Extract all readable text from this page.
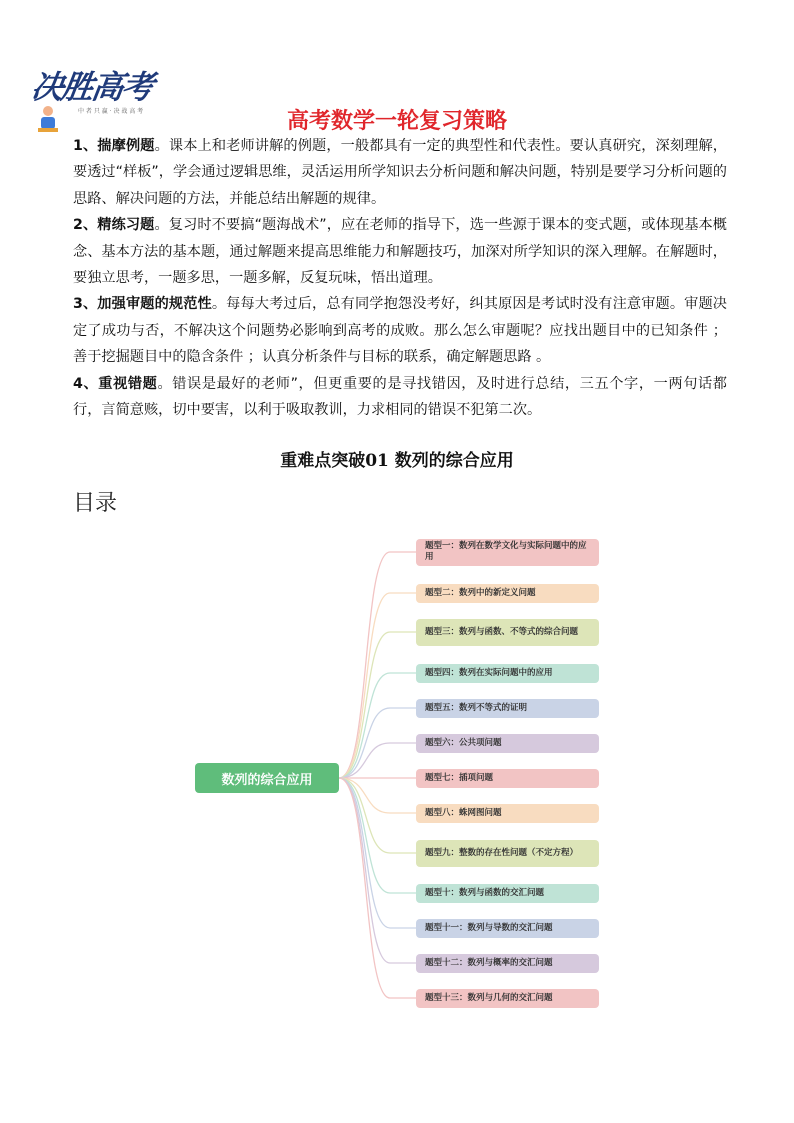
决胜高考
中 者 只 赢 · 决 战 高 考	高考数学一轮复习策略

1、揣摩例题。课本上和老师讲解的例题，一般都具有一定的典型性和代表性。要认真研究，深刻理解，要透过“样板”，学会通过逻辑思维，灵活运用所学知识去分析问题和解决问题，特别是要学习分析问题的思路、解决问题的方法，并能总结出解题的规律。

2、精练习题。复习时不要搞“题海战术”，应在老师的指导下，选一些源于课本的变式题，或体现基本概念、基本方法的基本题，通过解题来提高思维能力和解题技巧，加深对所学知识的深入理解。在解题时，要独立思考，一题多思，一题多解，反复玩味，悟出道理。

3、加强审题的规范性。每每大考过后，总有同学抱怨没考好，纠其原因是考试时没有注意审题。审题决定了成功与否，不解决这个问题势必影响到高考的成败。那么怎么审题呢？应找出题目中的已知条件 ；善于挖掘题目中的隐含条件 ；认真分析条件与目标的联系，确定解题思路 。

4、重视错题。错误是最好的老师”，但更重要的是寻找错因，及时进行总结，三五个字，一两句话都行，言简意赅，切中要害，以利于吸取教训，力求相同的错误不犯第二次。

重难点突破01 数列的综合应用
目录
数列的综合应用
题型一：数列在数学文化与实际问题中的应用
题型二：数列中的新定义问题
题型三：数列与函数、不等式的综合问题
题型四：数列在实际问题中的应用
题型五：数列不等式的证明
题型六：公共项问题
题型七：插项问题
题型八：蛛网图问题
题型九：整数的存在性问题（不定方程）
题型十：数列与函数的交汇问题
题型十一：数列与导数的交汇问题
题型十二：数列与概率的交汇问题
题型十三：数列与几何的交汇问题
